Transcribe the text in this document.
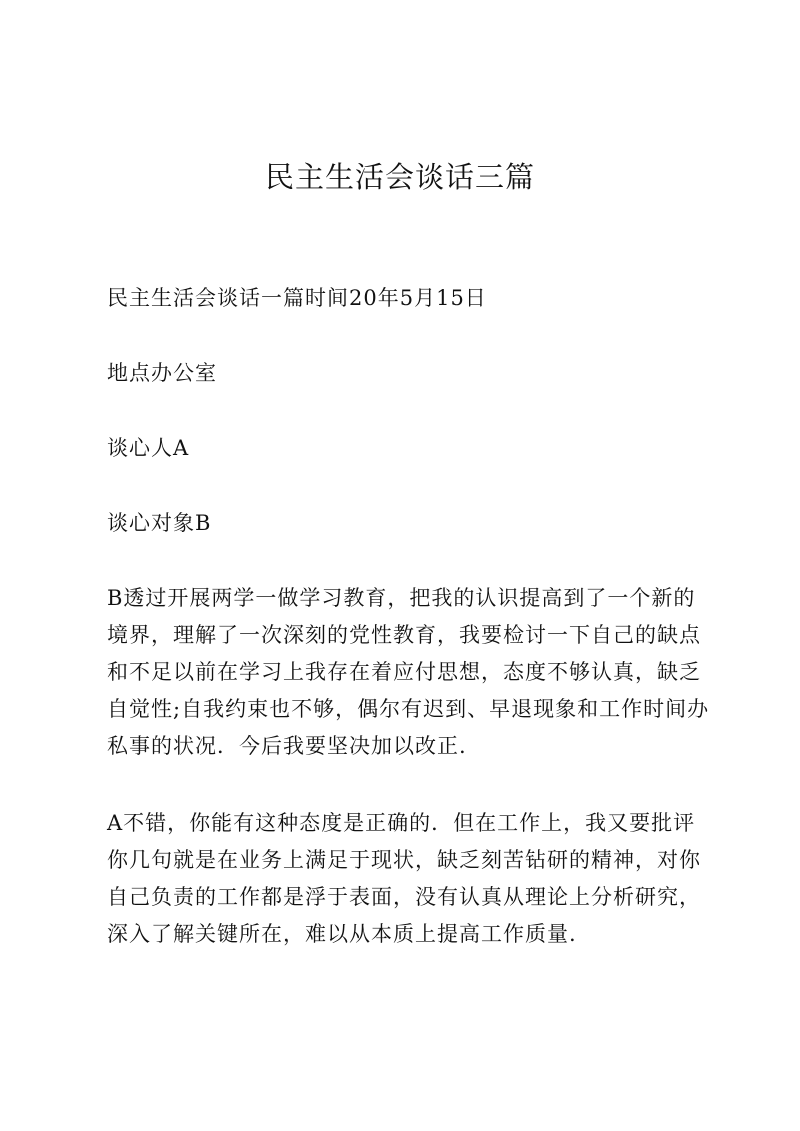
民主生活会谈话三篇

民主生活会谈话一篇时间20年5月15日

地点办公室

谈心人A

谈心对象B

B透过开展两学一做学习教育，把我的认识提高到了一个新的
境界，理解了一次深刻的党性教育，我要检讨一下自己的缺点
和不足以前在学习上我存在着应付思想，态度不够认真，缺乏
自觉性;自我约束也不够，偶尔有迟到、早退现象和工作时间办
私事的状况．今后我要坚决加以改正.

A不错，你能有这种态度是正确的．但在工作上，我又要批评
你几句就是在业务上满足于现状，缺乏刻苦钻研的精神，对你
自己负责的工作都是浮于表面，没有认真从理论上分析研究，
深入了解关键所在，难以从本质上提高工作质量.
